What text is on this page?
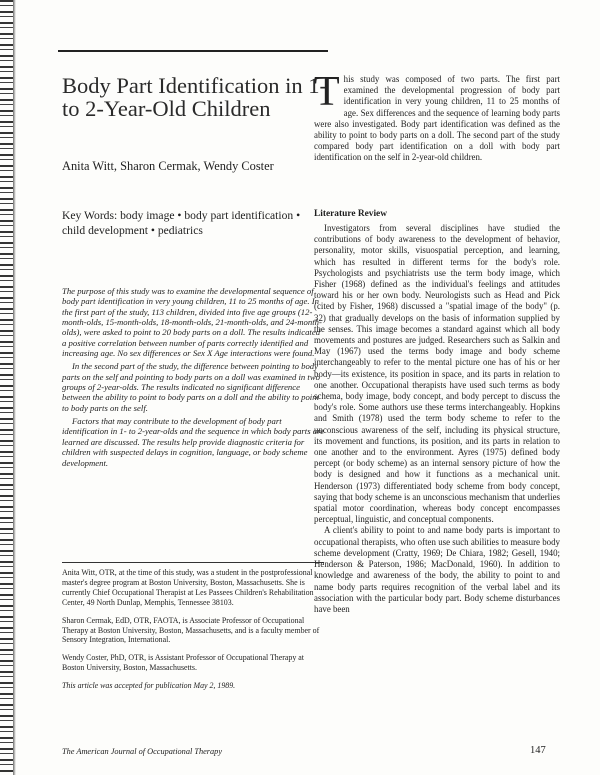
Body Part Identification in 1- to 2-Year-Old Children
Anita Witt, Sharon Cermak, Wendy Coster
Key Words: body image • body part identification • child development • pediatrics

The purpose of this study was to examine the developmental sequence of body part identification in very young children, 11 to 25 months of age. In the first part of the study, 113 children, divided into five age groups (12-month-olds, 15-month-olds, 18-month-olds, 21-month-olds, and 24-month-olds), were asked to point to 20 body parts on a doll. The results indicated a positive correlation between number of parts correctly identified and increasing age. No sex differences or Sex X Age interactions were found.

In the second part of the study, the difference between pointing to body parts on the self and pointing to body parts on a doll was examined in two groups of 2-year-olds. The results indicated no significant difference between the ability to point to body parts on a doll and the ability to point to body parts on the self.

Factors that may contribute to the development of body part identification in 1- to 2-year-olds and the sequence in which body parts are learned are discussed. The results help provide diagnostic criteria for children with suspected delays in cognition, language, or body scheme development.

Anita Witt, OTR, at the time of this study, was a student in the postprofessional master's degree program at Boston University, Boston, Massachusetts. She is currently Chief Occupational Therapist at Les Passees Children's Rehabilitation Center, 49 North Dunlap, Memphis, Tennessee 38103.

Sharon Cermak, EdD, OTR, FAOTA, is Associate Professor of Occupational Therapy at Boston University, Boston, Massachusetts, and is a faculty member of Sensory Integration, International.

Wendy Coster, PhD, OTR, is Assistant Professor of Occupational Therapy at Boston University, Boston, Massachusetts.

This article was accepted for publication May 2, 1989.

This study was composed of two parts. The first part examined the developmental progression of body part identification in very young children, 11 to 25 months of age. Sex differences and the sequence of learning body parts were also investigated. Body part identification was defined as the ability to point to body parts on a doll. The second part of the study compared body part identification on a doll with body part identification on the self in 2-year-old children.

Literature Review

Investigators from several disciplines have studied the contributions of body awareness to the development of behavior, personality, motor skills, visuospatial perception, and learning, which has resulted in different terms for the body's role. Psychologists and psychiatrists use the term body image, which Fisher (1968) defined as the individual's feelings and attitudes toward his or her own body. Neurologists such as Head and Pick (cited by Fisher, 1968) discussed a "spatial image of the body" (p. 32) that gradually develops on the basis of information supplied by the senses. This image becomes a standard against which all body movements and postures are judged. Researchers such as Salkin and May (1967) used the terms body image and body scheme interchangeably to refer to the mental picture one has of his or her body—its existence, its position in space, and its parts in relation to one another. Occupational therapists have used such terms as body schema, body image, body concept, and body percept to discuss the body's role. Some authors use these terms interchangeably. Hopkins and Smith (1978) used the term body scheme to refer to the unconscious awareness of the self, including its physical structure, its movement and functions, its position, and its parts in relation to one another and to the environment. Ayres (1975) defined body percept (or body scheme) as an internal sensory picture of how the body is designed and how it functions as a mechanical unit. Henderson (1973) differentiated body scheme from body concept, saying that body scheme is an unconscious mechanism that underlies spatial motor coordination, whereas body concept encompasses perceptual, linguistic, and conceptual components.

A client's ability to point to and name body parts is important to occupational therapists, who often use such abilities to measure body scheme development (Cratty, 1969; De Chiara, 1982; Gesell, 1940; Henderson & Paterson, 1986; MacDonald, 1960). In addition to knowledge and awareness of the body, the ability to point to and name body parts requires recognition of the verbal label and its association with the particular body part. Body scheme disturbances have been

The American Journal of Occupational Therapy	147
